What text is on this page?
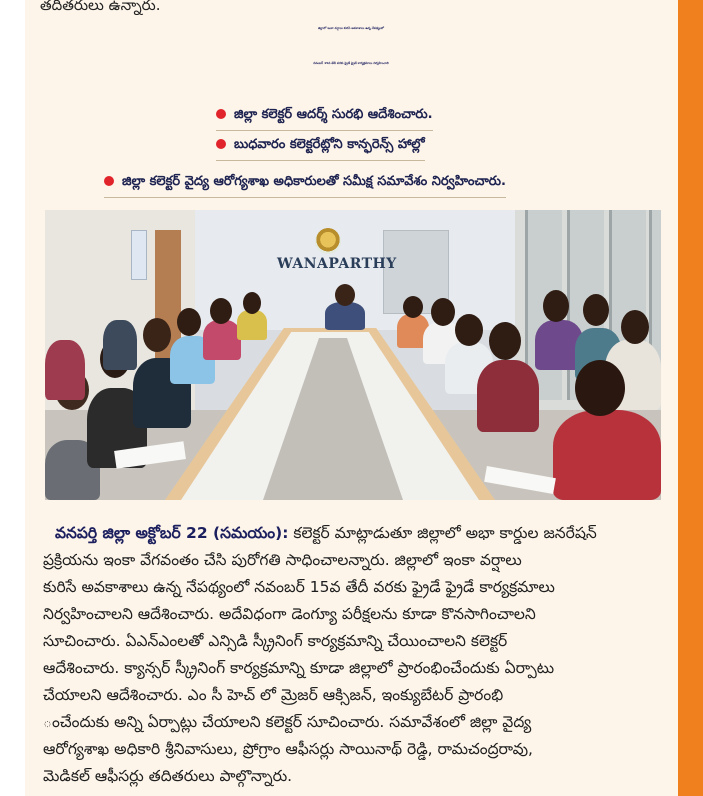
తదితరులు ఉన్నారు.
జిల్లాలో ఇంకా వర్షాలు కురిసే అవకాశాలు ఉన్న నేపథ్యంలో
నవంబర్ 15వ తేదీ వరకు ఫ్రైడే ఫ్రైడే కార్యక్రమాలు నిర్వహించాలి
జిల్లా కలెక్టర్ ఆదర్శ్ సురభి ఆదేశించారు.
బుధవారం కలెక్టరేట్లోని కాన్ఫరెన్స్ హాల్లో
జిల్లా కలెక్టర్ వైద్య ఆరోగ్యశాఖ అధికారులతో సమీక్ష సమావేశం నిర్వహించారు.
WANAPARTHY
వనపర్తి జిల్లా అక్టోబర్ 22 (సమయం): కలెక్టర్ మాట్లాడుతూ జిల్లాలో అభా కార్డుల జనరేషన్
ప్రక్రియను ఇంకా వేగవంతం చేసి పురోగతి సాధించాలన్నారు. జిల్లాలో ఇంకా వర్షాలు
కురిసే అవకాశాలు ఉన్న నేపథ్యంలో నవంబర్ 15వ తేదీ వరకు ఫ్రైడే ఫ్రైడే కార్యక్రమాలు
నిర్వహించాలని ఆదేశించారు. అదేవిధంగా డెంగ్యూ పరీక్షలను కూడా కొనసాగించాలని
సూచించారు. ఏఎన్ఎంలతో ఎన్సిడి స్క్రీనింగ్ కార్యక్రమాన్ని చేయించాలని కలెక్టర్
ఆదేశించారు. క్యాన్సర్ స్క్రీనింగ్ కార్యక్రమాన్ని కూడా జిల్లాలో ప్రారంభించేందుకు ఏర్పాటు
చేయాలని ఆదేశించారు. ఎం సీ హెచ్ లో మ్రెజర్ ఆక్సిజన్, ఇంక్యుబేటర్ ప్రారంభి
ంచేందుకు అన్ని ఏర్పాట్లు చేయాలని కలెక్టర్ సూచించారు. సమావేశంలో జిల్లా వైద్య
ఆరోగ్యశాఖ అధికారి శ్రీనివాసులు, ప్రోగ్రాం ఆఫీసర్లు సాయినాథ్ రెడ్డి, రామచంద్రరావు,
మెడికల్ ఆఫీసర్లు తదితరులు పాల్గొన్నారు.
